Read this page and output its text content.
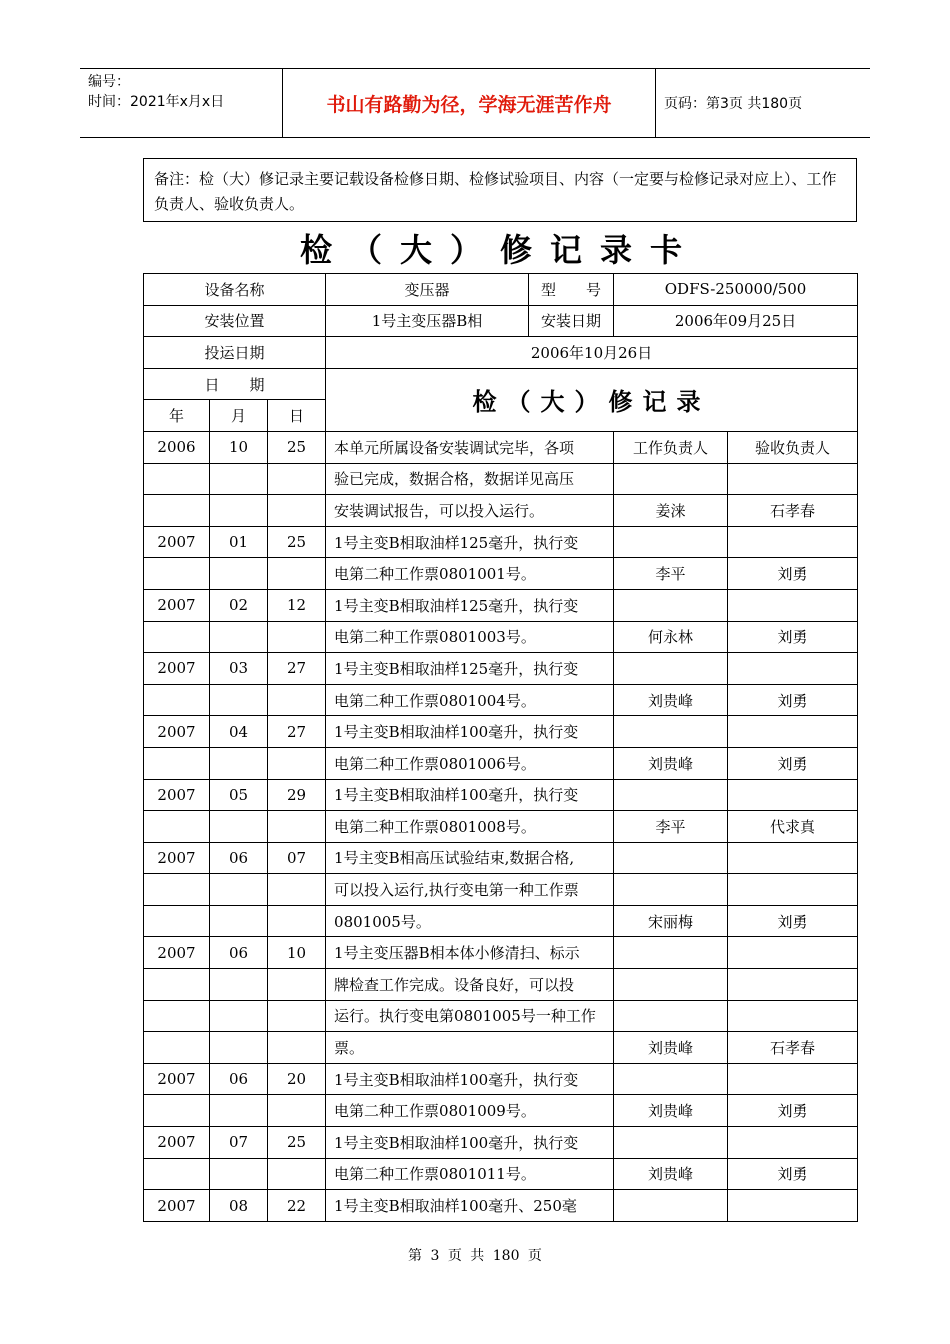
编号：
时间：2021年x月x日	书山有路勤为径，学海无涯苦作舟	页码：第3页 共180页
备注：检（大）修记录主要记载设备检修日期、检修试验项目、内容（一定要与检修记录对应上）、工作负责人、验收负责人。
检（大）修记录卡
设备名称			变压器	型　　号	ODFS-250000/500	
安装位置			1号主变压器B相	安装日期	2006年09月25日	
投运日期			2006年10月26日			
日　　期			检（大）修记录			
年	月	日				
2006	10	25	本单元所属设备安装调试完毕，各项		工作负责人	验收负责人
			验已完成，数据合格，数据详见高压			
			安装调试报告，可以投入运行。		姜涞	石孝春
2007	01	25	1号主变B相取油样125毫升，执行变			
			电第二种工作票0801001号。		李平	刘勇
2007	02	12	1号主变B相取油样125毫升，执行变			
			电第二种工作票0801003号。		何永林	刘勇
2007	03	27	1号主变B相取油样125毫升，执行变			
			电第二种工作票0801004号。		刘贵峰	刘勇
2007	04	27	1号主变B相取油样100毫升，执行变			
			电第二种工作票0801006号。		刘贵峰	刘勇
2007	05	29	1号主变B相取油样100毫升，执行变			
			电第二种工作票0801008号。		李平	代求真
2007	06	07	1号主变B相高压试验结束,数据合格,			
			可以投入运行,执行变电第一种工作票			
			0801005号。		宋丽梅	刘勇
2007	06	10	1号主变压器B相本体小修清扫、标示			
			牌检查工作完成。设备良好，可以投			
			运行。执行变电第0801005号一种工作			
			票。		刘贵峰	石孝春
2007	06	20	1号主变B相取油样100毫升，执行变			
			电第二种工作票0801009号。		刘贵峰	刘勇
2007	07	25	1号主变B相取油样100毫升，执行变			
			电第二种工作票0801011号。		刘贵峰	刘勇
2007	08	22	1号主变B相取油样100毫升、250毫			
第 3 页 共 180 页
